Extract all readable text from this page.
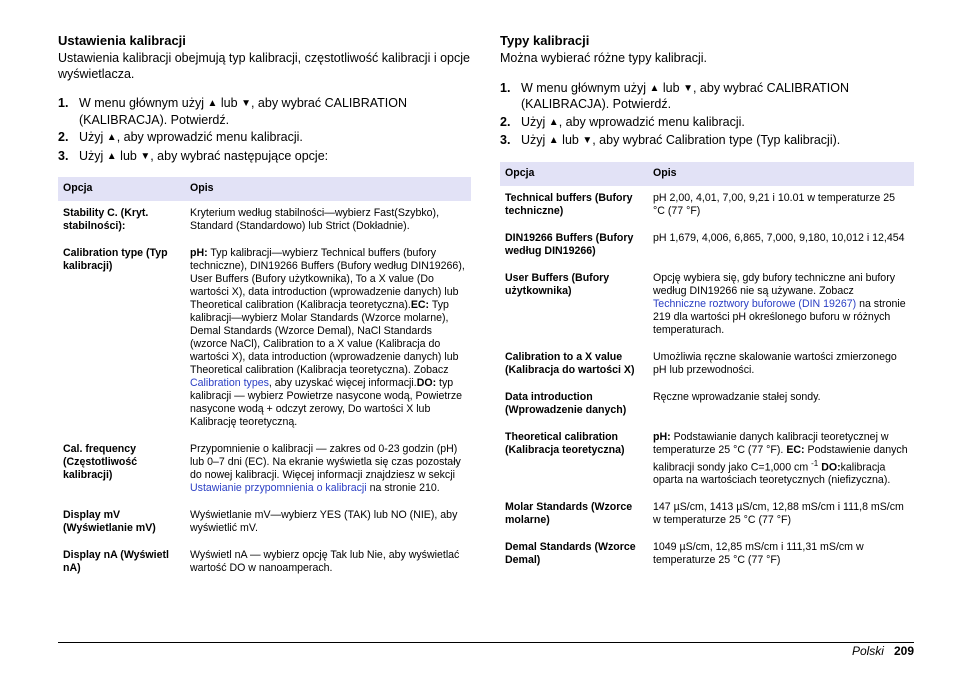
Ustawienia kalibracji

Ustawienia kalibracji obejmują typ kalibracji, częstotliwość kalibracji i opcje wyświetlacza.

1. W menu głównym użyj ▲ lub ▼, aby wybrać CALIBRATION (KALIBRACJA). Potwierdź.
2. Użyj ▲, aby wprowadzić menu kalibracji.
3. Użyj ▲ lub ▼, aby wybrać następujące opcje:
Opcja	Opis
Stability C. (Kryt. stabilności):	Kryterium według stabilności—wybierz Fast(Szybko), Standard (Standardowo) lub Strict (Dokładnie).
Calibration type (Typ kalibracji)	pH: Typ kalibracji—wybierz Technical buffers (bufory techniczne), DIN19266 Buffers (Bufory według DIN19266), User Buffers (Bufory użytkownika), To a X value (Do wartości X), data introduction (wprowadzenie danych) lub Theoretical calibration (Kalibracja teoretyczna).EC: Typ kalibracji—wybierz Molar Standards (Wzorce molarne), Demal Standards (Wzorce Demal), NaCl Standards (wzorce NaCl), Calibration to a X value (Kalibracja do wartości X), data introduction (wprowadzenie danych) lub Theoretical calibration (Kalibracja teoretyczna). Zobacz Calibration types, aby uzyskać więcej informacji.DO: typ kalibracji — wybierz Powietrze nasycone wodą, Powietrze nasycone wodą + odczyt zerowy, Do wartości X lub Kalibrację teoretyczną.
Cal. frequency (Częstotliwość kalibracji)	Przypomnienie o kalibracji — zakres od 0-23 godzin (pH) lub 0–7 dni (EC). Na ekranie wyświetla się czas pozostały do nowej kalibracji. Więcej informacji znajdziesz w sekcji Ustawianie przypomnienia o kalibracji na stronie 210.
Display mV (Wyświetlanie mV)	Wyświetlanie mV—wybierz YES (TAK) lub NO (NIE), aby wyświetlić mV.
Display nA (Wyświetl nA)	Wyświetl nA — wybierz opcję Tak lub Nie, aby wyświetlać wartość DO w nanoamperach.
Typy kalibracji

Można wybierać różne typy kalibracji.

1. W menu głównym użyj ▲ lub ▼, aby wybrać CALIBRATION (KALIBRACJA). Potwierdź.
2. Użyj ▲, aby wprowadzić menu kalibracji.
3. Użyj ▲ lub ▼, aby wybrać Calibration type (Typ kalibracji).
Opcja	Opis
Technical buffers (Bufory techniczne)	pH 2,00, 4,01, 7,00, 9,21 i 10.01 w temperaturze 25 °C (77 °F)
DIN19266 Buffers (Bufory według DIN19266)	pH 1,679, 4,006, 6,865, 7,000, 9,180, 10,012 i 12,454
User Buffers (Bufory użytkownika)	Opcję wybiera się, gdy bufory techniczne ani bufory według DIN19266 nie są używane. Zobacz Techniczne roztwory buforowe (DIN 19267) na stronie 219 dla wartości pH określonego buforu w różnych temperaturach.
Calibration to a X value (Kalibracja do wartości X)	Umożliwia ręczne skalowanie wartości zmierzonego pH lub przewodności.
Data introduction (Wprowadzenie danych)	Ręczne wprowadzanie stałej sondy.
Theoretical calibration (Kalibracja teoretyczna)	pH: Podstawianie danych kalibracji teoretycznej w temperaturze 25 °C (77 °F). EC: Podstawienie danych kalibracji sondy jako C=1,000 cm $^{-1}$ DO:kalibracja oparta na wartościach teoretycznych (niefizyczna).
Molar Standards (Wzorce molarne)	147 µS/cm, 1413 µS/cm, 12,88 mS/cm i 111,8 mS/cm w temperaturze 25 °C (77 °F)
Demal Standards (Wzorce Demal)	1049 µS/cm, 12,85 mS/cm i 111,31 mS/cm w temperaturze 25 °C (77 °F)
Polski 209
